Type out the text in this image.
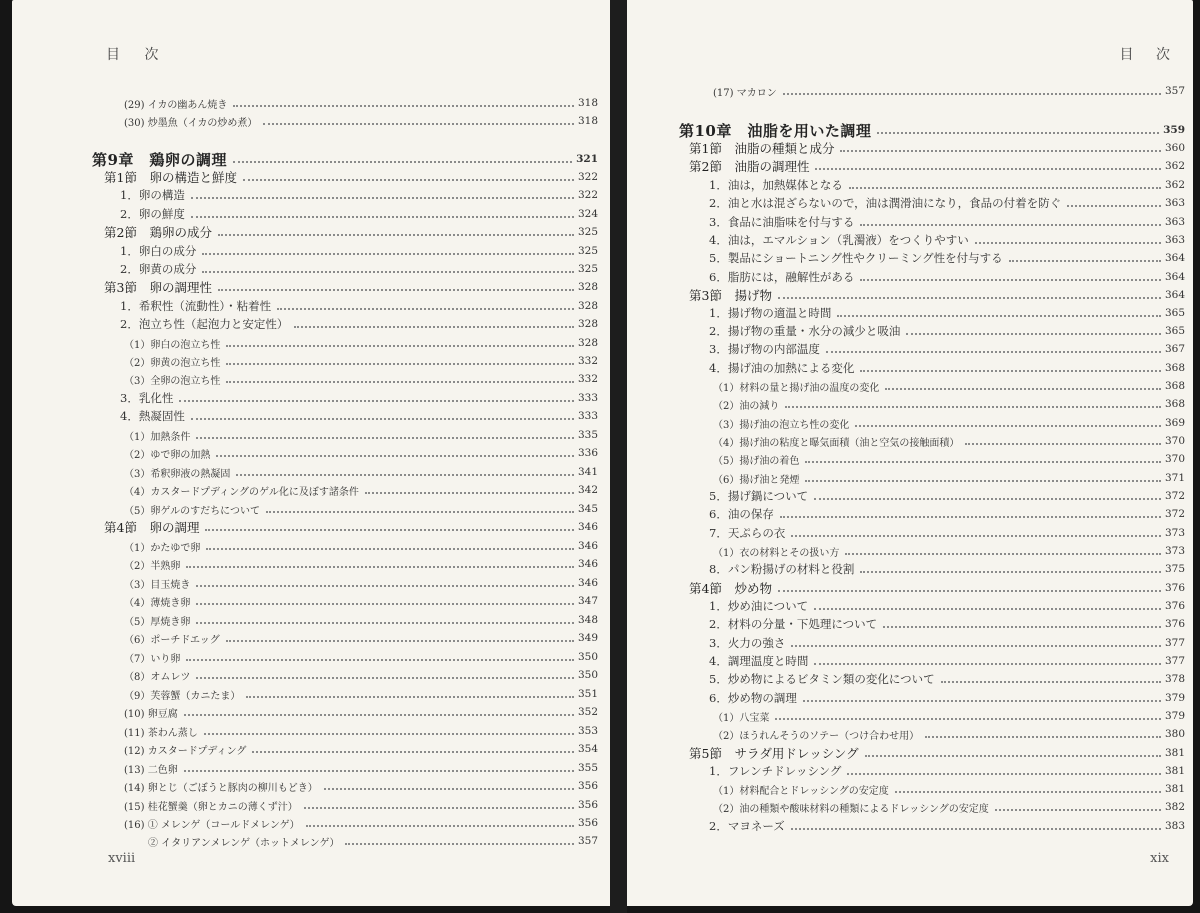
目 次
(29) イカの幽あん焼き	318
(30) 炒墨魚（イカの炒め煮）	318
第9章　鶏卵の調理	321
第1節　卵の構造と鮮度	322
1．卵の構造	322
2．卵の鮮度	324
第2節　鶏卵の成分	325
1．卵白の成分	325
2．卵黄の成分	325
第3節　卵の調理性	328
1．希釈性（流動性）・粘着性	328
2．泡立ち性（起泡力と安定性）	328
（1）卵白の泡立ち性	328
（2）卵黄の泡立ち性	332
（3）全卵の泡立ち性	332
3．乳化性	333
4．熱凝固性	333
（1）加熱条件	335
（2）ゆで卵の加熱	336
（3）希釈卵液の熱凝固	341
（4）カスタードプディングのゲル化に及ぼす諸条件	342
（5）卵ゲルのすだちについて	345
第4節　卵の調理	346
（1）かたゆで卵	346
（2）半熟卵	346
（3）目玉焼き	346
（4）薄焼き卵	347
（5）厚焼き卵	348
（6）ポーチドエッグ	349
（7）いり卵	350
（8）オムレツ	350
（9）芙蓉蟹（カニたま）	351
(10) 卵豆腐	352
(11) 茶わん蒸し	353
(12) カスタードプディング	354
(13) 二色卵	355
(14) 卵とじ（ごぼうと豚肉の柳川もどき）	356
(15) 桂花蟹羹（卵とカニの薄くず汁）	356
(16) ① メレンゲ（コールドメレンゲ）	356
② イタリアンメレンゲ（ホットメレンゲ）	357
xviii
目 次
(17) マカロン	357
第10章　油脂を用いた調理	359
第1節　油脂の種類と成分	360
第2節　油脂の調理性	362
1．油は，加熱媒体となる	362
2．油と水は混ざらないので，油は潤滑油になり，食品の付着を防ぐ	363
3．食品に油脂味を付与する	363
4．油は，エマルション（乳濁液）をつくりやすい	363
5．製品にショートニング性やクリーミング性を付与する	364
6．脂肪には，融解性がある	364
第3節　揚げ物	364
1．揚げ物の適温と時間	365
2．揚げ物の重量・水分の減少と吸油	365
3．揚げ物の内部温度	367
4．揚げ油の加熱による変化	368
（1）材料の量と揚げ油の温度の変化	368
（2）油の減り	368
（3）揚げ油の泡立ち性の変化	369
（4）揚げ油の粘度と曝気面積（油と空気の接触面積）	370
（5）揚げ油の着色	370
（6）揚げ油と発煙	371
5．揚げ鍋について	372
6．油の保存	372
7．天ぷらの衣	373
（1）衣の材料とその扱い方	373
8．パン粉揚げの材料と役割	375
第4節　炒め物	376
1．炒め油について	376
2．材料の分量・下処理について	376
3．火力の強さ	377
4．調理温度と時間	377
5．炒め物によるビタミン類の変化について	378
6．炒め物の調理	379
（1）八宝菜	379
（2）ほうれんそうのソテー（つけ合わせ用）	380
第5節　サラダ用ドレッシング	381
1．フレンチドレッシング	381
（1）材料配合とドレッシングの安定度	381
（2）油の種類や酸味材料の種類によるドレッシングの安定度	382
2．マヨネーズ	383
xix
